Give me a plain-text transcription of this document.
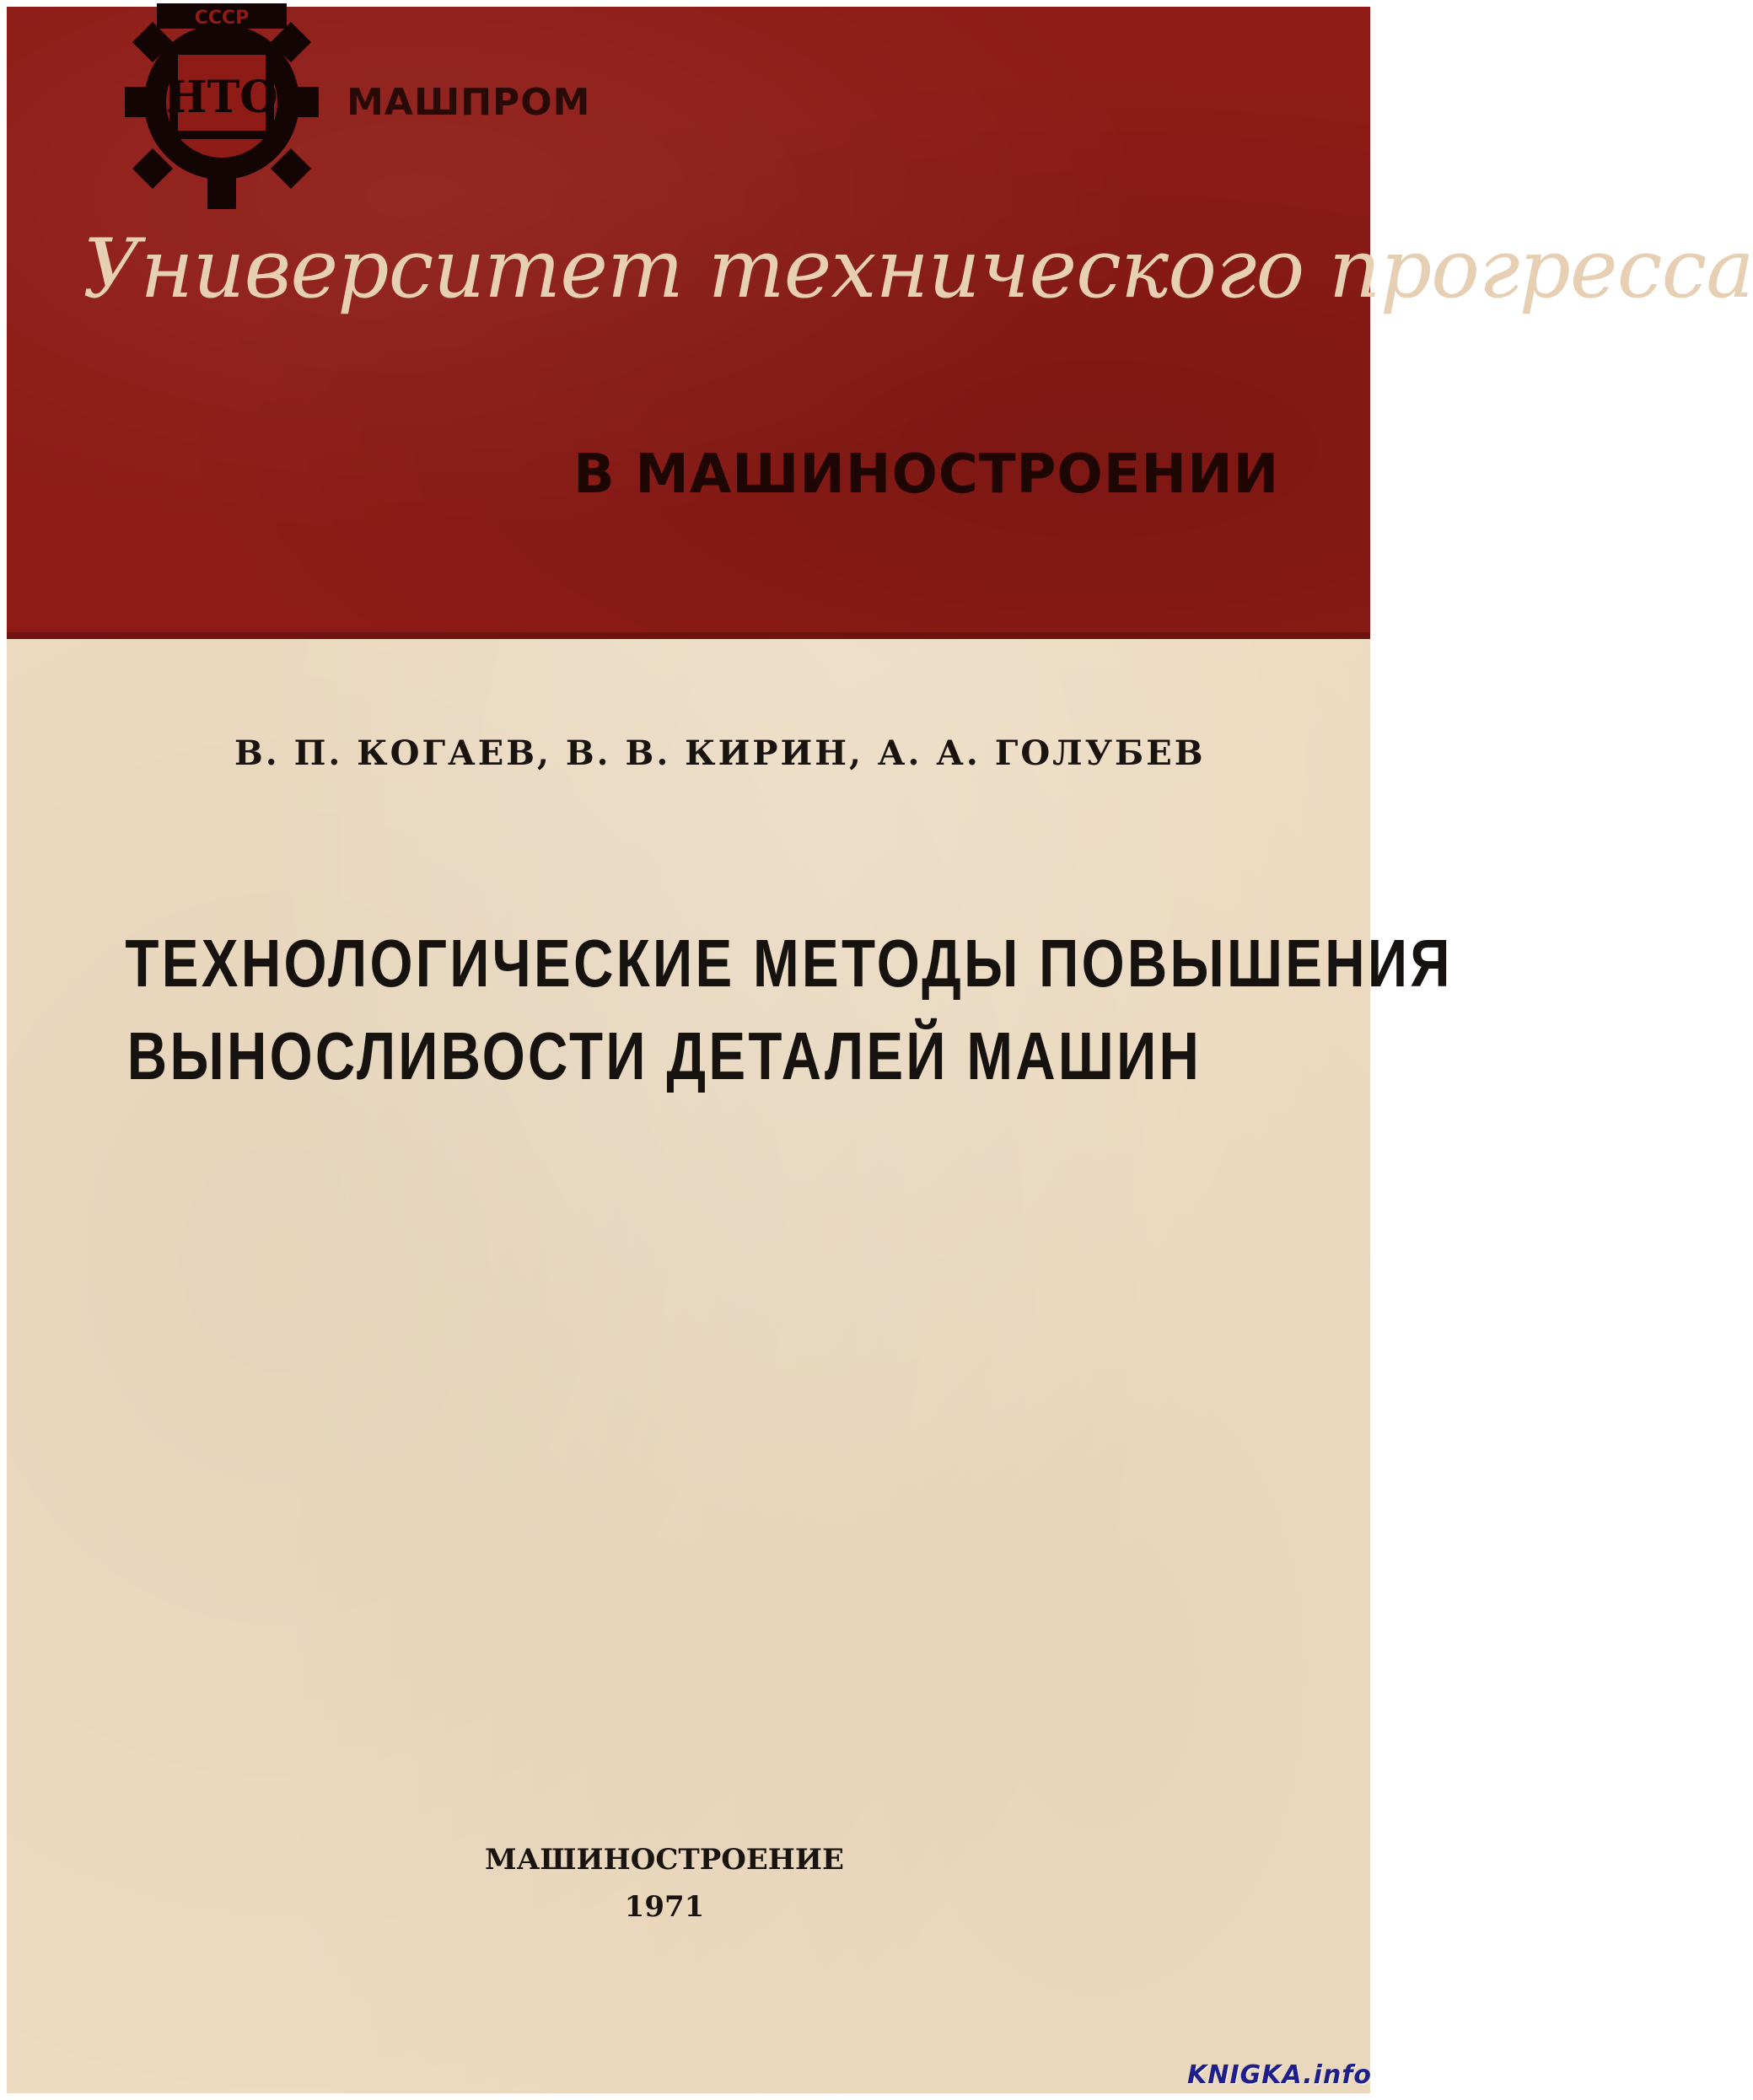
СССР
НТО МАШПРОМ
Университет технического прогресса
В МАШИНОСТРОЕНИИ
В. П. КОГАЕВ, В. В. КИРИН, А. А. ГОЛУБЕВ
ТЕХНОЛОГИЧЕСКИЕ МЕТОДЫ ПОВЫШЕНИЯ
ВЫНОСЛИВОСТИ ДЕТАЛЕЙ МАШИН
МАШИНОСТРОЕНИЕ
1971
KNIGKA.info
